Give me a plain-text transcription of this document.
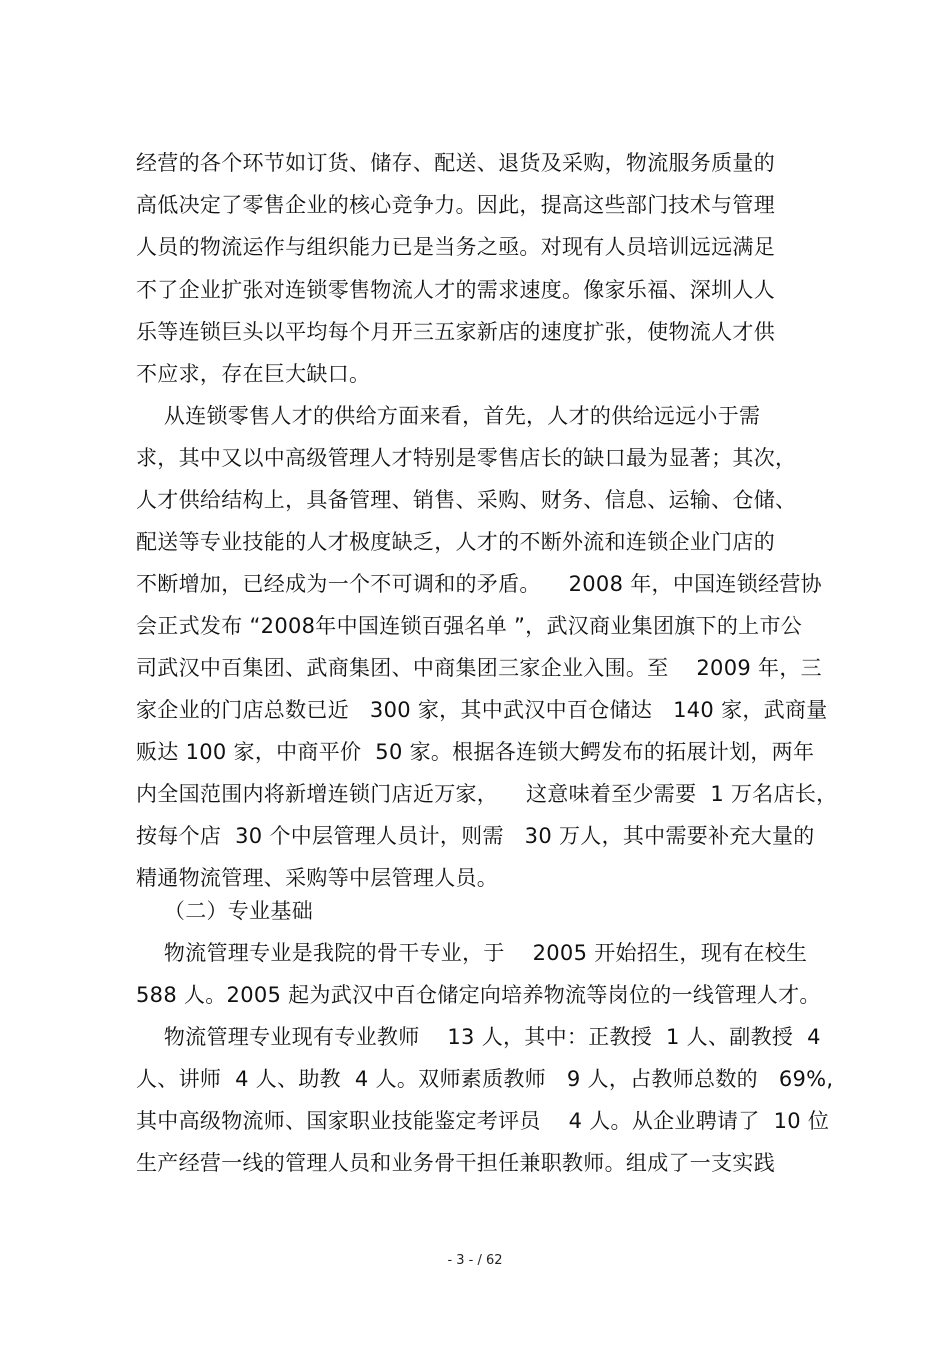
经营的各个环节如订货、储存、配送、退货及采购，物流服务质量的

高低决定了零售企业的核心竞争力。因此，提高这些部门技术与管理

人员的物流运作与组织能力已是当务之亟。对现有人员培训远远满足

不了企业扩张对连锁零售物流人才的需求速度。像家乐福、深圳人人

乐等连锁巨头以平均每个月开三五家新店的速度扩张，使物流人才供

不应求，存在巨大缺口。

从连锁零售人才的供给方面来看，首先，人才的供给远远小于需

求，其中又以中高级管理人才特别是零售店长的缺口最为显著；其次，

人才供给结构上，具备管理、销售、采购、财务、信息、运输、仓储、

配送等专业技能的人才极度缺乏，人才的不断外流和连锁企业门店的

不断增加，已经成为一个不可调和的矛盾。    2008 年，中国连锁经营协

会正式发布 “2008年中国连锁百强名单 ”，武汉商业集团旗下的上市公

司武汉中百集团、武商集团、中商集团三家企业入围。至    2009 年，三

家企业的门店总数已近   300 家，其中武汉中百仓储达   140 家，武商量

贩达 100 家，中商平价  50 家。根据各连锁大鳄发布的拓展计划，两年

内全国范围内将新增连锁门店近万家，    这意味着至少需要  1 万名店长，

按每个店  30 个中层管理人员计，则需   30 万人，其中需要补充大量的

精通物流管理、采购等中层管理人员。

（二）专业基础

物流管理专业是我院的骨干专业，于    2005 开始招生，现有在校生

588 人。2005 起为武汉中百仓储定向培养物流等岗位的一线管理人才。

物流管理专业现有专业教师    13 人，其中：正教授  1 人、副教授  4

人、讲师  4 人、助教  4 人。双师素质教师   9 人，占教师总数的   69%,

其中高级物流师、国家职业技能鉴定考评员    4 人。从企业聘请了  10 位

生产经营一线的管理人员和业务骨干担任兼职教师。组成了一支实践

- 3 - / 62
